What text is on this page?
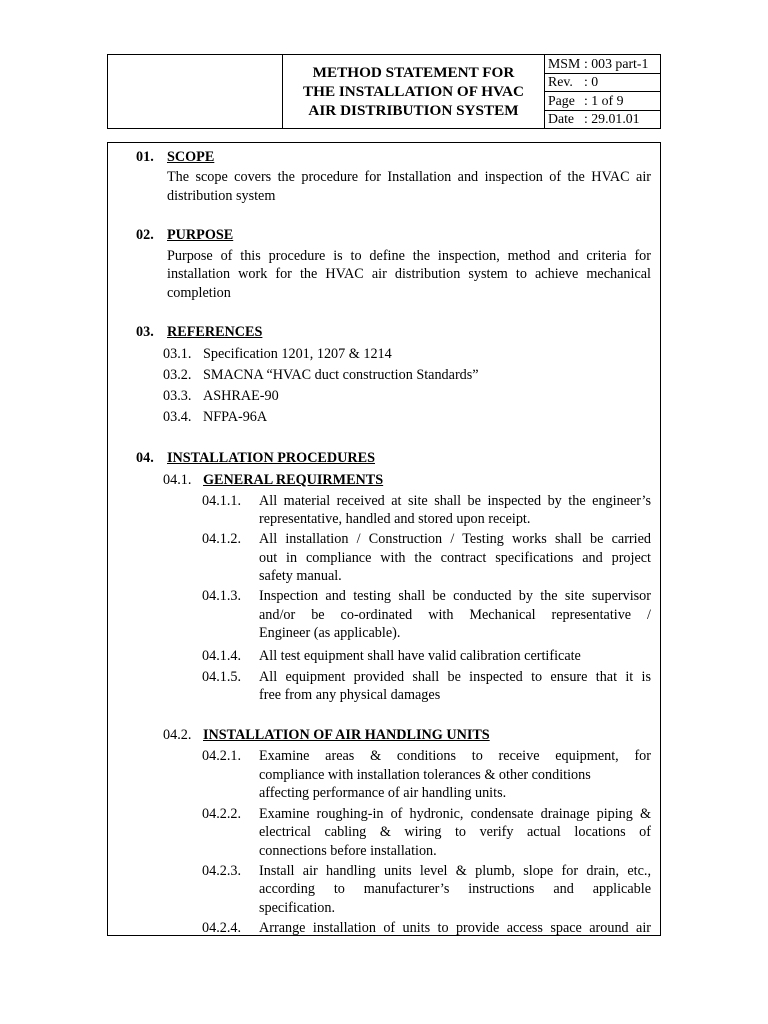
METHOD STATEMENT FOR
THE INSTALLATION OF HVAC
AIR DISTRIBUTION SYSTEM
MSM : 003 part-1
Rev. : 0
Page : 1 of 9
Date : 29.01.01
01. SCOPE
The scope covers the procedure for Installation and inspection of the HVAC air
distribution system
02. PURPOSE
Purpose of this procedure is to define the inspection, method and criteria for
installation work for the HVAC air distribution system to achieve mechanical
completion
03. REFERENCES
03.1. Specification 1201, 1207 & 1214
03.2. SMACNA “HVAC duct construction Standards”
03.3. ASHRAE-90
03.4. NFPA-96A
04. INSTALLATION PROCEDURES
04.1. GENERAL REQUIRMENTS
04.1.1. All material received at site shall be inspected by the engineer’s
representative, handled and stored upon receipt.
04.1.2. All installation / Construction / Testing works shall be carried
out in compliance with the contract specifications and project
safety manual.
04.1.3. Inspection and testing shall be conducted by the site supervisor
and/or be co-ordinated with Mechanical representative /
Engineer (as applicable).
04.1.4. All test equipment shall have valid calibration certificate
04.1.5. All equipment provided shall be inspected to ensure that it is
free from any physical damages
04.2. INSTALLATION OF AIR HANDLING UNITS
04.2.1. Examine areas & conditions to receive equipment, for
compliance with installation tolerances & other conditions
affecting performance of air handling units.
04.2.2. Examine roughing-in of hydronic, condensate drainage piping &
electrical cabling & wiring to verify actual locations of
connections before installation.
04.2.3. Install air handling units level & plumb, slope for drain, etc.,
according to manufacturer’s instructions and applicable
specification.
04.2.4. Arrange installation of units to provide access space around air
